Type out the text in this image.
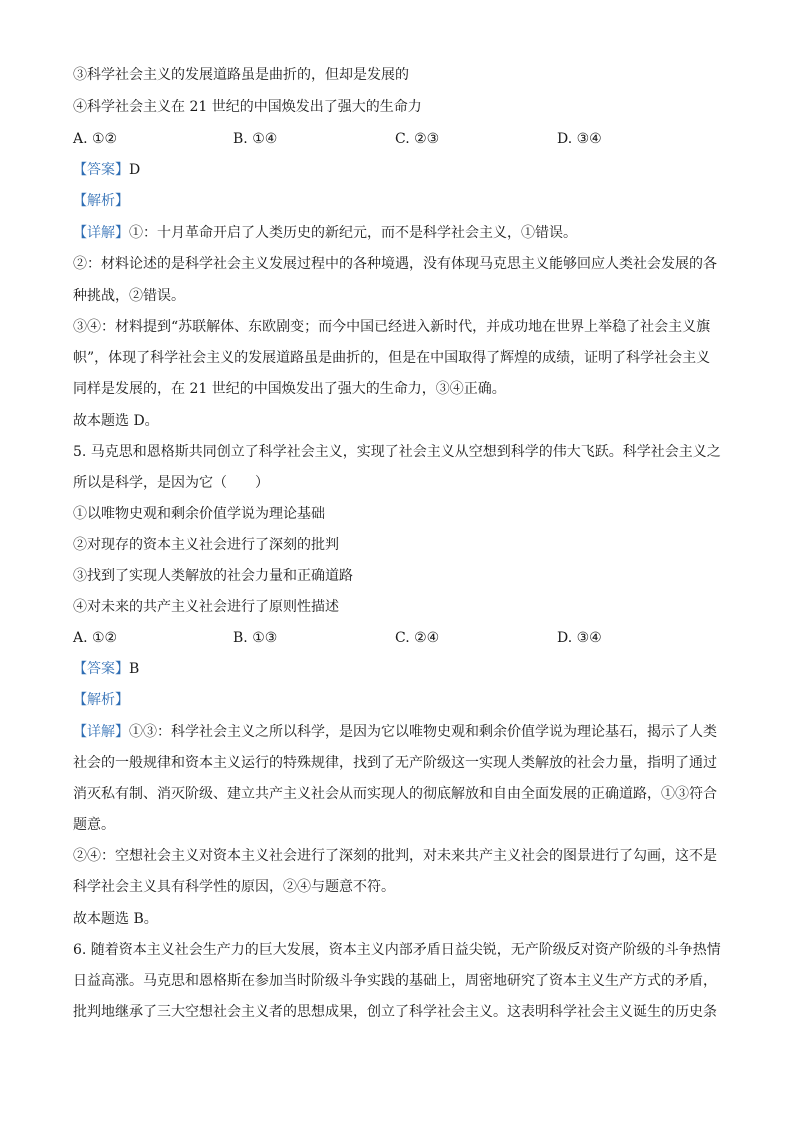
③科学社会主义的发展道路虽是曲折的，但却是发展的
④科学社会主义在 21 世纪的中国焕发出了强大的生命力
A. ①②	B. ①④	C. ②③	D. ③④
【答案】D
【解析】
【详解】①：十月革命开启了人类历史的新纪元，而不是科学社会主义，①错误。
②：材料论述的是科学社会主义发展过程中的各种境遇，没有体现马克思主义能够回应人类社会发展的各
种挑战，②错误。
③④：材料提到“苏联解体、东欧剧变；而今中国已经进入新时代，并成功地在世界上举稳了社会主义旗
帜”，体现了科学社会主义的发展道路虽是曲折的，但是在中国取得了辉煌的成绩，证明了科学社会主义
同样是发展的，在 21 世纪的中国焕发出了强大的生命力，③④正确。
故本题选 D。
5. 马克思和恩格斯共同创立了科学社会主义，实现了社会主义从空想到科学的伟大飞跃。科学社会主义之
所以是科学，是因为它（　　）
①以唯物史观和剩余价值学说为理论基础
②对现存的资本主义社会进行了深刻的批判
③找到了实现人类解放的社会力量和正确道路
④对未来的共产主义社会进行了原则性描述
A. ①②	B. ①③	C. ②④	D. ③④
【答案】B
【解析】
【详解】①③：科学社会主义之所以科学，是因为它以唯物史观和剩余价值学说为理论基石，揭示了人类
社会的一般规律和资本主义运行的特殊规律，找到了无产阶级这一实现人类解放的社会力量，指明了通过
消灭私有制、消灭阶级、建立共产主义社会从而实现人的彻底解放和自由全面发展的正确道路，①③符合
题意。
②④：空想社会主义对资本主义社会进行了深刻的批判，对未来共产主义社会的图景进行了勾画，这不是
科学社会主义具有科学性的原因，②④与题意不符。
故本题选 B。
6. 随着资本主义社会生产力的巨大发展，资本主义内部矛盾日益尖锐，无产阶级反对资产阶级的斗争热情
日益高涨。马克思和恩格斯在参加当时阶级斗争实践的基础上，周密地研究了资本主义生产方式的矛盾，
批判地继承了三大空想社会主义者的思想成果，创立了科学社会主义。这表明科学社会主义诞生的历史条
